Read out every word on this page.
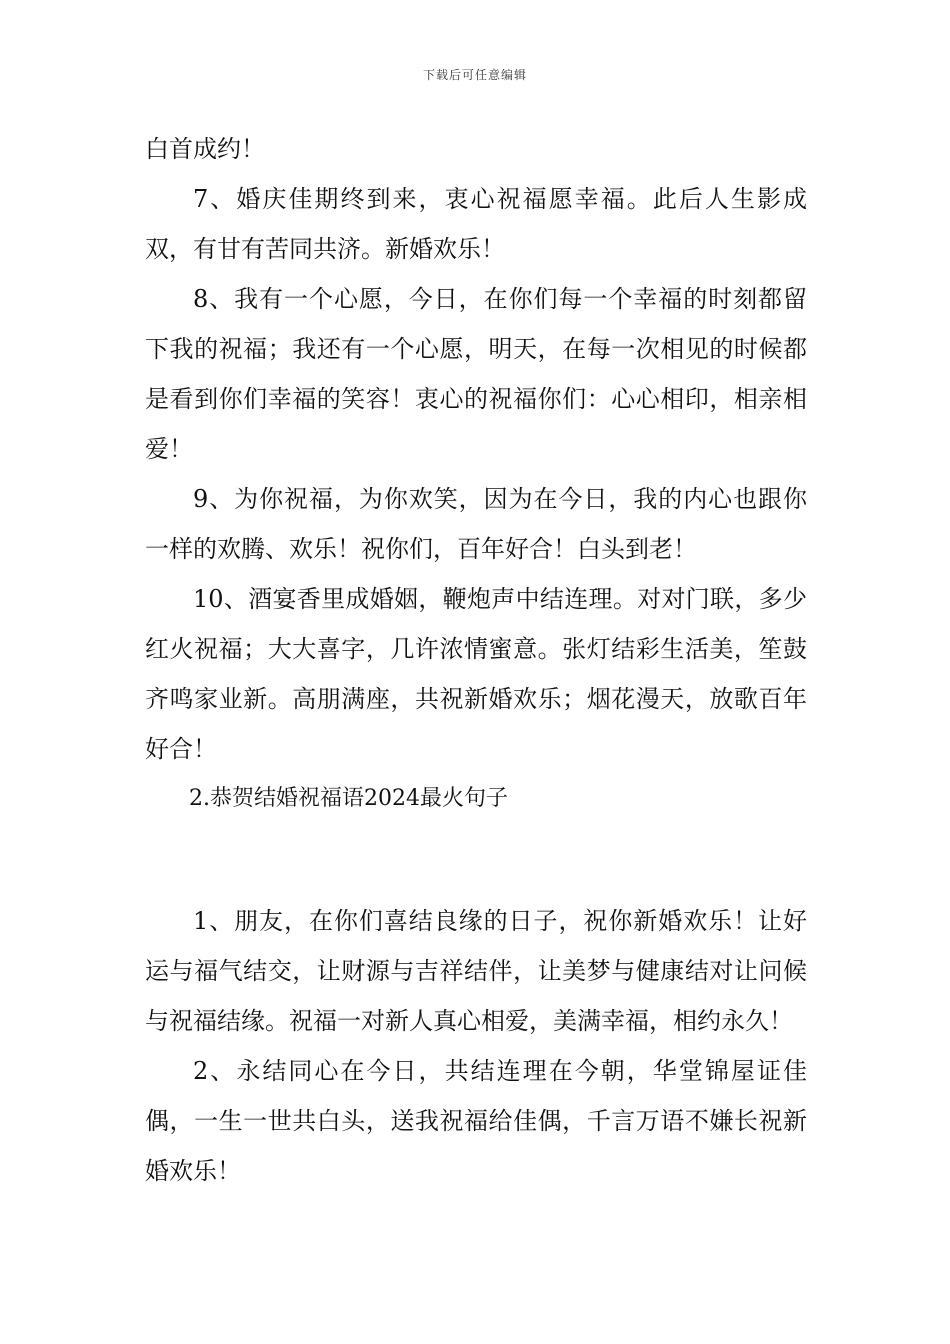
下载后可任意编辑

白首成约！

7、婚庆佳期终到来，衷心祝福愿幸福。此后人生影成双，有甘有苦同共济。新婚欢乐！

8、我有一个心愿，今日，在你们每一个幸福的时刻都留下我的祝福；我还有一个心愿，明天，在每一次相见的时候都是看到你们幸福的笑容！衷心的祝福你们：心心相印，相亲相爱！

9、为你祝福，为你欢笑，因为在今日，我的内心也跟你一样的欢腾、欢乐！祝你们，百年好合！白头到老！

10、酒宴香里成婚姻，鞭炮声中结连理。对对门联，多少红火祝福；大大喜字，几许浓情蜜意。张灯结彩生活美，笙鼓齐鸣家业新。高朋满座，共祝新婚欢乐；烟花漫天，放歌百年好合！

2.恭贺结婚祝福语2024最火句子

1、朋友，在你们喜结良缘的日子，祝你新婚欢乐！让好运与福气结交，让财源与吉祥结伴，让美梦与健康结对让问候与祝福结缘。祝福一对新人真心相爱，美满幸福，相约永久！

2、永结同心在今日，共结连理在今朝，华堂锦屋证佳偶，一生一世共白头，送我祝福给佳偶，千言万语不嫌长祝新婚欢乐！
